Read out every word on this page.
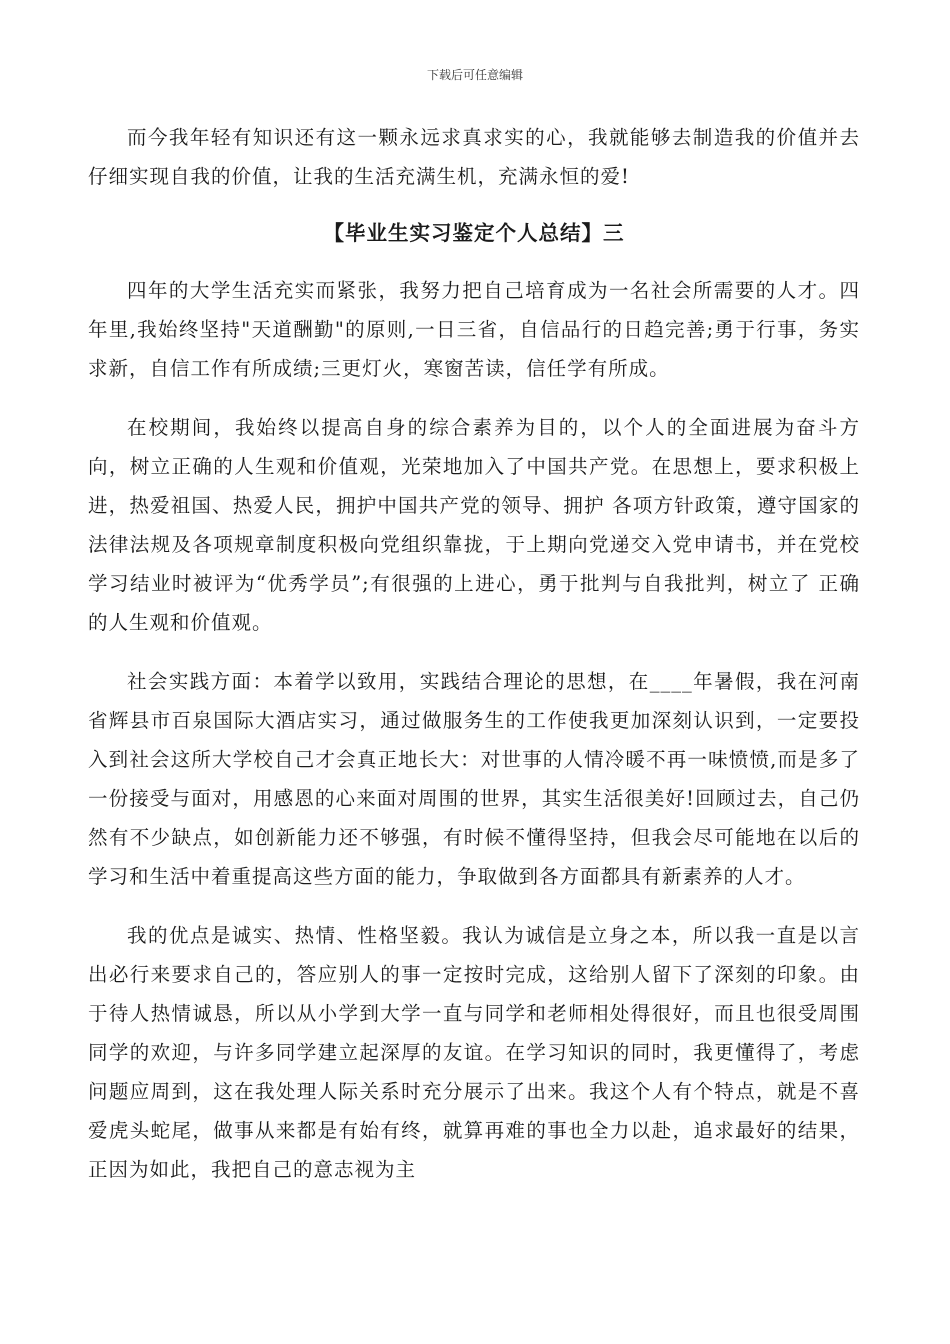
下载后可任意编辑

而今我年轻有知识还有这一颗永远求真求实的心，我就能够去制造我的价值并去仔细实现自我的价值，让我的生活充满生机，充满永恒的爱!

【毕业生实习鉴定个人总结】三

四年的大学生活充实而紧张，我努力把自己培育成为一名社会所需要的人才。四年里,我始终坚持"天道酬勤"的原则,一日三省，自信品行的日趋完善;勇于行事，务实求新，自信工作有所成绩;三更灯火，寒窗苦读，信任学有所成。

在校期间，我始终以提高自身的综合素养为目的，以个人的全面进展为奋斗方向，树立正确的人生观和价值观，光荣地加入了中国共产党。在思想上，要求积极上进，热爱祖国、热爱人民，拥护中国共产党的领导、拥护 各项方针政策，遵守国家的法律法规及各项规章制度积极向党组织靠拢，于上期向党递交入党申请书，并在党校学习结业时被评为“优秀学员”;有很强的上进心，勇于批判与自我批判，树立了 正确的人生观和价值观。

社会实践方面：本着学以致用，实践结合理论的思想，在____年暑假，我在河南省辉县市百泉国际大酒店实习，通过做服务生的工作使我更加深刻认识到，一定要投入到社会这所大学校自己才会真正地长大：对世事的人情冷暖不再一味愤愤,而是多了一份接受与面对，用感恩的心来面对周围的世界，其实生活很美好!回顾过去，自己仍然有不少缺点，如创新能力还不够强，有时候不懂得坚持，但我会尽可能地在以后的学习和生活中着重提高这些方面的能力，争取做到各方面都具有新素养的人才。

我的优点是诚实、热情、性格坚毅。我认为诚信是立身之本，所以我一直是以言出必行来要求自己的，答应别人的事一定按时完成，这给别人留下了深刻的印象。由于待人热情诚恳，所以从小学到大学一直与同学和老师相处得很好，而且也很受周围同学的欢迎，与许多同学建立起深厚的友谊。在学习知识的同时，我更懂得了，考虑问题应周到，这在我处理人际关系时充分展示了出来。我这个人有个特点，就是不喜爱虎头蛇尾，做事从来都是有始有终，就算再难的事也全力以赴，追求最好的结果，正因为如此，我把自己的意志视为主
